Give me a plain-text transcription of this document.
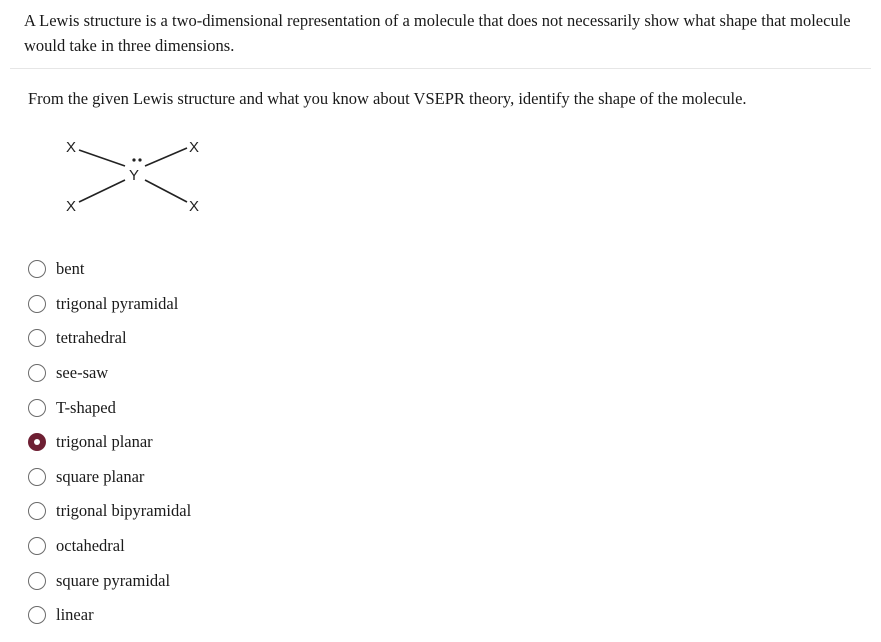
A Lewis structure is a two-dimensional representation of a molecule that does not necessarily show what shape that molecule would take in three dimensions.

From the given Lewis structure and what you know about VSEPR theory, identify the shape of the molecule.

X
X
X
X
Y
bent
trigonal pyramidal
tetrahedral
see-saw
T-shaped
trigonal planar
square planar
trigonal bipyramidal
octahedral
square pyramidal
linear
